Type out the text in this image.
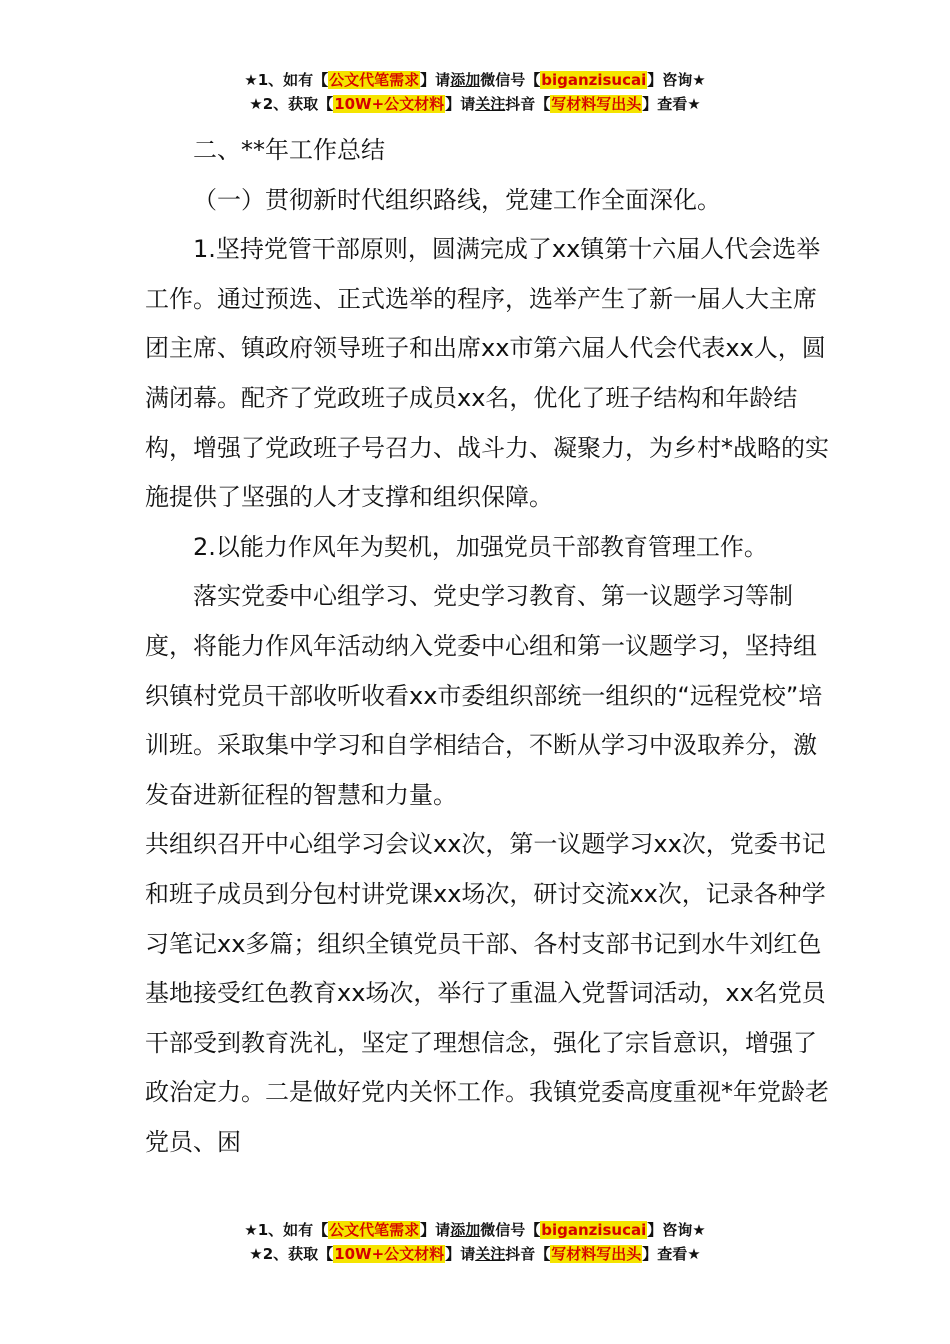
★1、如有【公文代笔需求】请添加微信号【biganzisucai】咨询★
★2、获取【10W+公文材料】请关注抖音【写材料写出头】查看★

二、**年工作总结

（一）贯彻新时代组织路线，党建工作全面深化。

1.坚持党管干部原则，圆满完成了xx镇第十六届人代会选举工作。通过预选、正式选举的程序，选举产生了新一届人大主席团主席、镇政府领导班子和出席xx市第六届人代会代表xx人，圆满闭幕。配齐了党政班子成员xx名，优化了班子结构和年龄结构，增强了党政班子号召力、战斗力、凝聚力，为乡村*战略的实施提供了坚强的人才支撑和组织保障。

2.以能力作风年为契机，加强党员干部教育管理工作。

落实党委中心组学习、党史学习教育、第一议题学习等制度，将能力作风年活动纳入党委中心组和第一议题学习，坚持组织镇村党员干部收听收看xx市委组织部统一组织的“远程党校”培训班。采取集中学习和自学相结合，不断从学习中汲取养分，激发奋进新征程的智慧和力量。

共组织召开中心组学习会议xx次，第一议题学习xx次，党委书记和班子成员到分包村讲党课xx场次，研讨交流xx次，记录各种学习笔记xx多篇；组织全镇党员干部、各村支部书记到水牛刘红色基地接受红色教育xx场次，举行了重温入党誓词活动，xx名党员干部受到教育洗礼，坚定了理想信念，强化了宗旨意识，增强了政治定力。二是做好党内关怀工作。我镇党委高度重视*年党龄老党员、困

★1、如有【公文代笔需求】请添加微信号【biganzisucai】咨询★
★2、获取【10W+公文材料】请关注抖音【写材料写出头】查看★
